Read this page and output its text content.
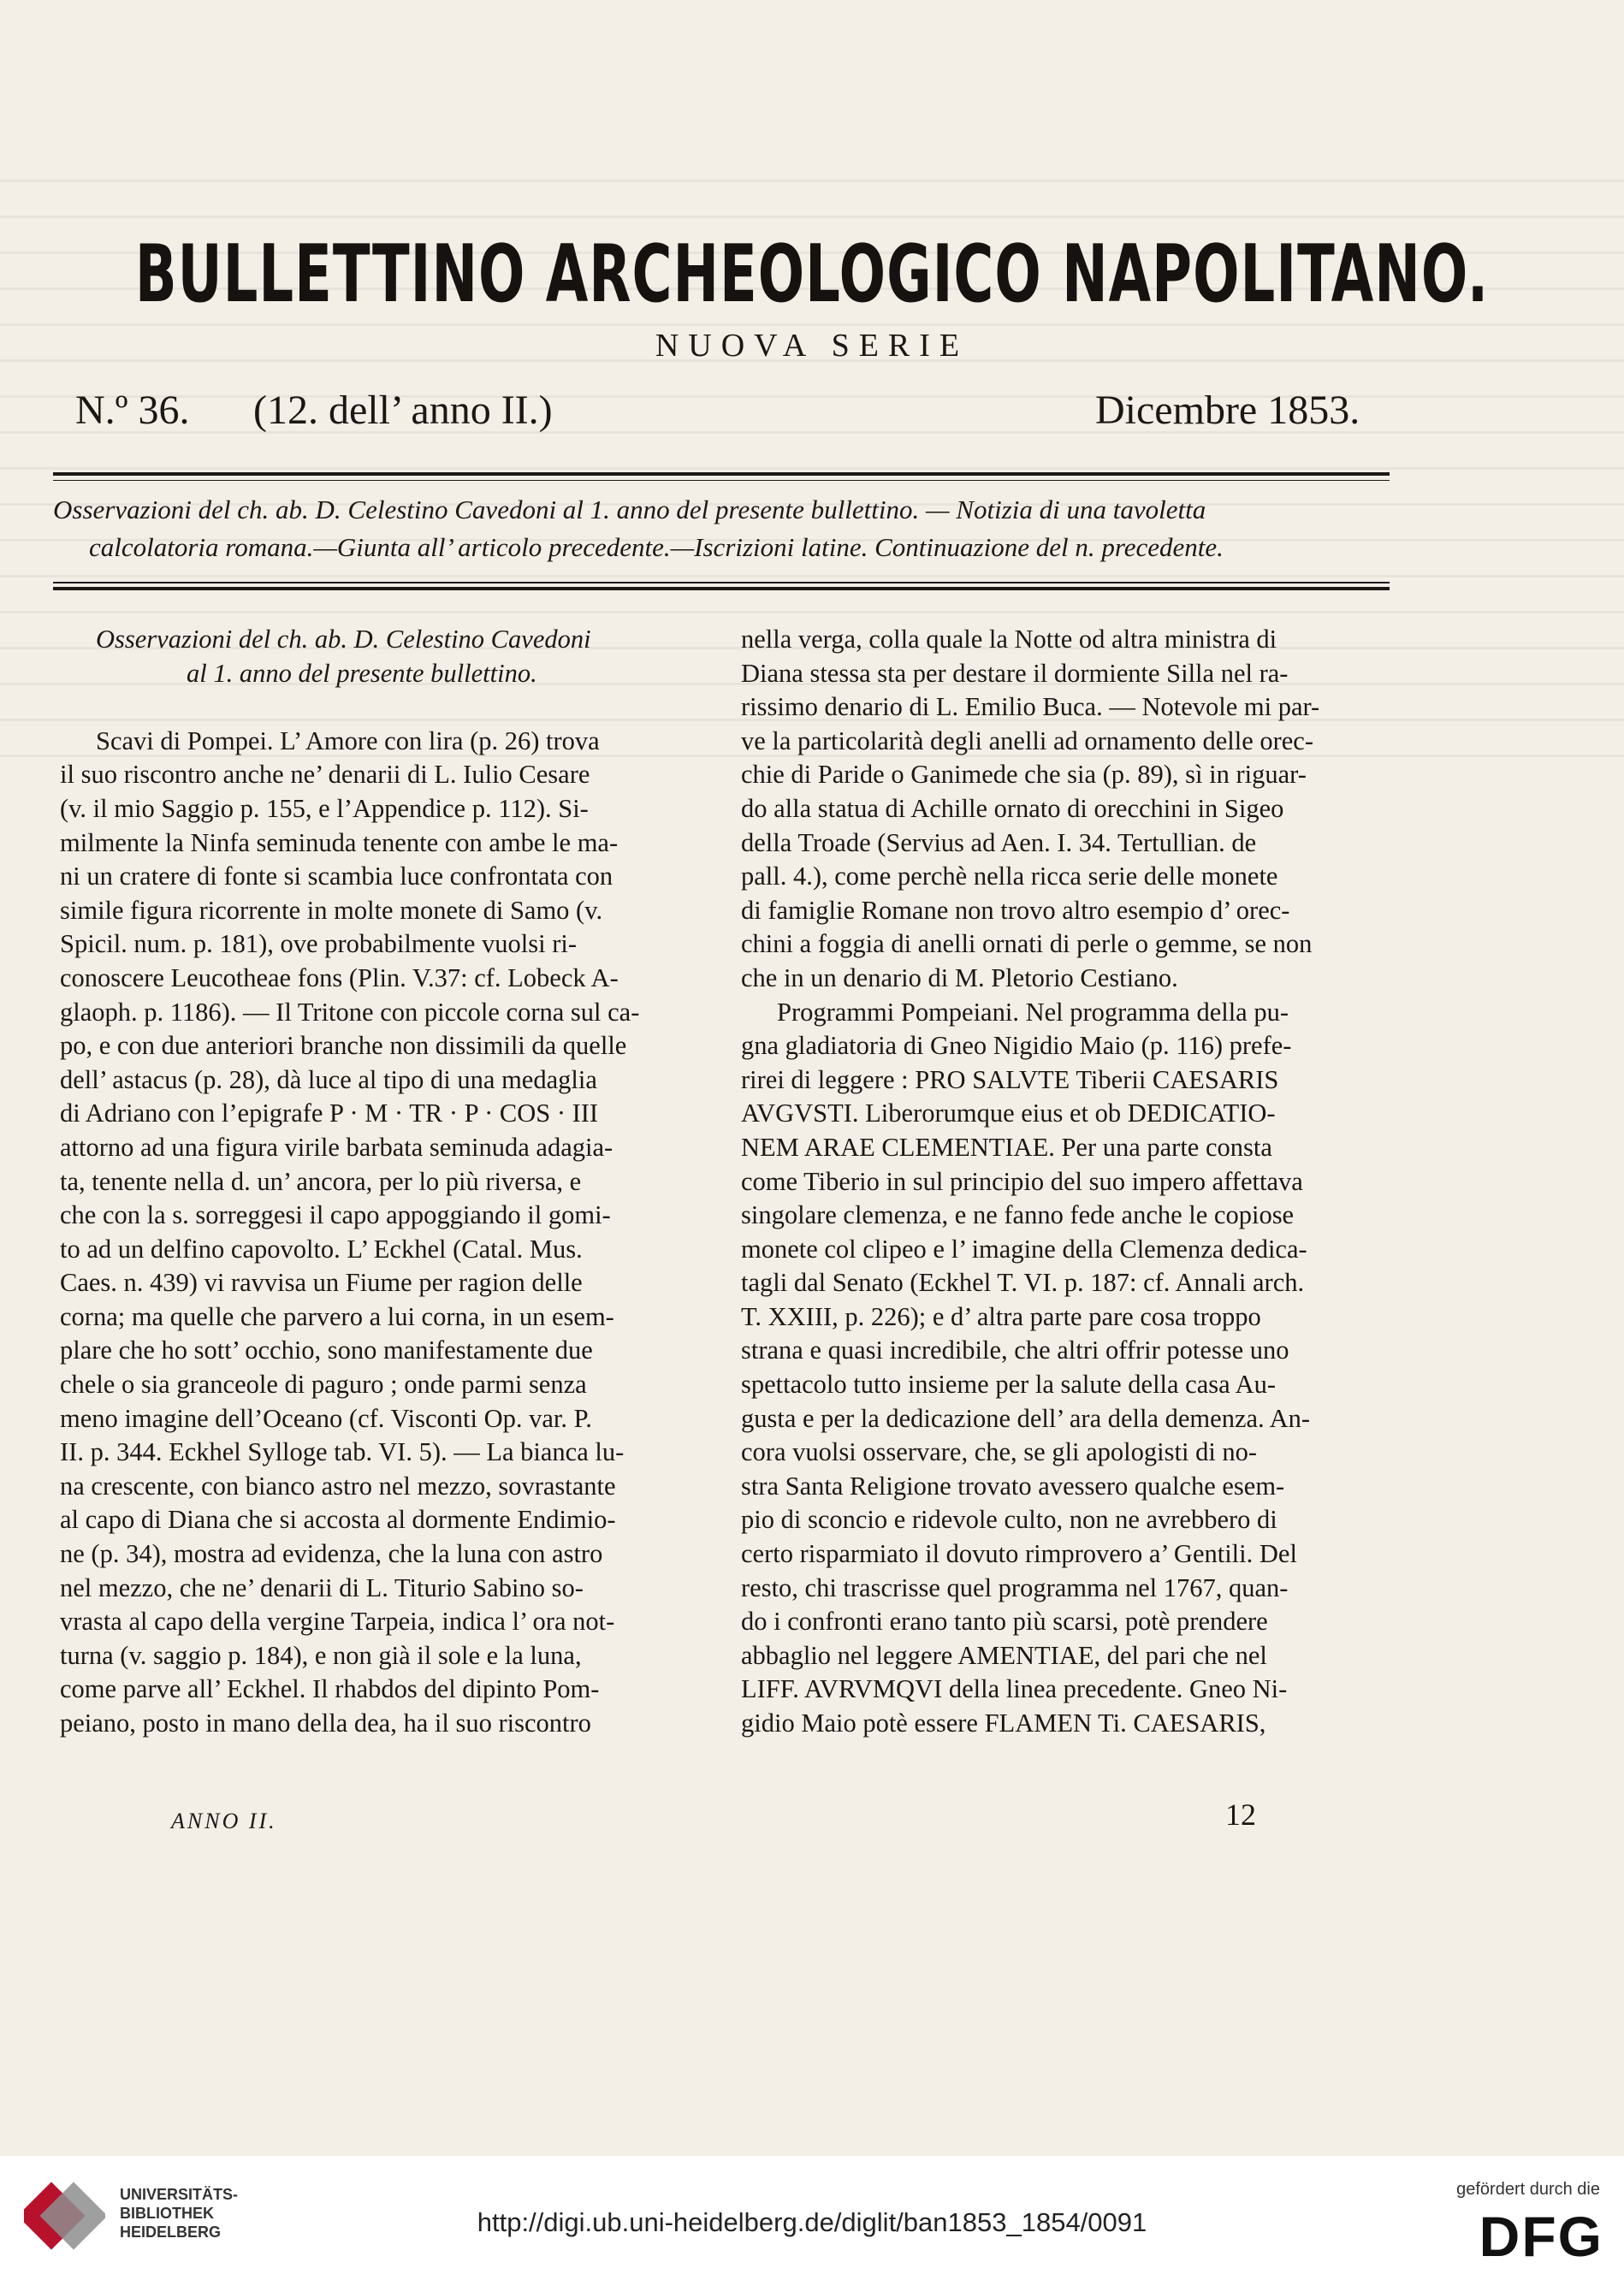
BULLETTINO ARCHEOLOGICO NAPOLITANO.
NUOVA SERIE
N.º 36. (12. dell’ anno II.)	Dicembre 1853.
Osservazioni del ch. ab. D. Celestino Cavedoni al 1. anno del presente bullettino. — Notizia di una tavoletta
calcolatoria romana.—Giunta all’ articolo precedente.—Iscrizioni latine. Continuazione del n. precedente.
Osservazioni del ch. ab. D. Celestino Cavedoni
al 1. anno del presente bullettino.
Scavi di Pompei. L’ Amore con lira (p. 26) trova
il suo riscontro anche ne’ denarii di L. Iulio Cesare
(v. il mio Saggio p. 155, e l’Appendice p. 112). Si-
milmente la Ninfa seminuda tenente con ambe le ma-
ni un cratere di fonte si scambia luce confrontata con
simile figura ricorrente in molte monete di Samo (v.
Spicil. num. p. 181), ove probabilmente vuolsi ri-
conoscere Leucotheae fons (Plin. V.37: cf. Lobeck A-
glaoph. p. 1186). — Il Tritone con piccole corna sul ca-
po, e con due anteriori branche non dissimili da quelle
dell’ astacus (p. 28), dà luce al tipo di una medaglia
di Adriano con l’epigrafe P · M · TR · P · COS · III
attorno ad una figura virile barbata seminuda adagia-
ta, tenente nella d. un’ ancora, per lo più riversa, e
che con la s. sorreggesi il capo appoggiando il gomi-
to ad un delfino capovolto. L’ Eckhel (Catal. Mus.
Caes. n. 439) vi ravvisa un Fiume per ragion delle
corna; ma quelle che parvero a lui corna, in un esem-
plare che ho sott’ occhio, sono manifestamente due
chele o sia granceole di paguro ; onde parmi senza
meno imagine dell’Oceano (cf. Visconti Op. var. P.
II. p. 344. Eckhel Sylloge tab. VI. 5). — La bianca lu-
na crescente, con bianco astro nel mezzo, sovrastante
al capo di Diana che si accosta al dormente Endimio-
ne (p. 34), mostra ad evidenza, che la luna con astro
nel mezzo, che ne’ denarii di L. Titurio Sabino so-
vrasta al capo della vergine Tarpeia, indica l’ ora not-
turna (v. saggio p. 184), e non già il sole e la luna,
come parve all’ Eckhel. Il rhabdos del dipinto Pom-
peiano, posto in mano della dea, ha il suo riscontro
nella verga, colla quale la Notte od altra ministra di
Diana stessa sta per destare il dormiente Silla nel ra-
rissimo denario di L. Emilio Buca. — Notevole mi par-
ve la particolarità degli anelli ad ornamento delle orec-
chie di Paride o Ganimede che sia (p. 89), sì in riguar-
do alla statua di Achille ornato di orecchini in Sigeo
della Troade (Servius ad Aen. I. 34. Tertullian. de
pall. 4.), come perchè nella ricca serie delle monete
di famiglie Romane non trovo altro esempio d’ orec-
chini a foggia di anelli ornati di perle o gemme, se non
che in un denario di M. Pletorio Cestiano.
Programmi Pompeiani. Nel programma della pu-
gna gladiatoria di Gneo Nigidio Maio (p. 116) prefe-
rirei di leggere : PRO SALVTE Tiberii CAESARIS
AVGVSTI. Liberorumque eius et ob DEDICATIO-
NEM ARAE CLEMENTIAE. Per una parte consta
come Tiberio in sul principio del suo impero affettava
singolare clemenza, e ne fanno fede anche le copiose
monete col clipeo e l’ imagine della Clemenza dedica-
tagli dal Senato (Eckhel T. VI. p. 187: cf. Annali arch.
T. XXIII, p. 226); e d’ altra parte pare cosa troppo
strana e quasi incredibile, che altri offrir potesse uno
spettacolo tutto insieme per la salute della casa Au-
gusta e per la dedicazione dell’ ara della demenza. An-
cora vuolsi osservare, che, se gli apologisti di no-
stra Santa Religione trovato avessero qualche esem-
pio di sconcio e ridevole culto, non ne avrebbero di
certo risparmiato il dovuto rimprovero a’ Gentili. Del
resto, chi trascrisse quel programma nel 1767, quan-
do i confronti erano tanto più scarsi, potè prendere
abbaglio nel leggere AMENTIAE, del pari che nel
LIFF. AVRVMQVI della linea precedente. Gneo Ni-
gidio Maio potè essere FLAMEN Ti. CAESARIS,
ANNO II.	12
UNIVERSITÄTS-
BIBLIOTHEK
HEIDELBERG	http://digi.ub.uni-heidelberg.de/diglit/ban1853_1854/0091
gefördert durch die
DFG
